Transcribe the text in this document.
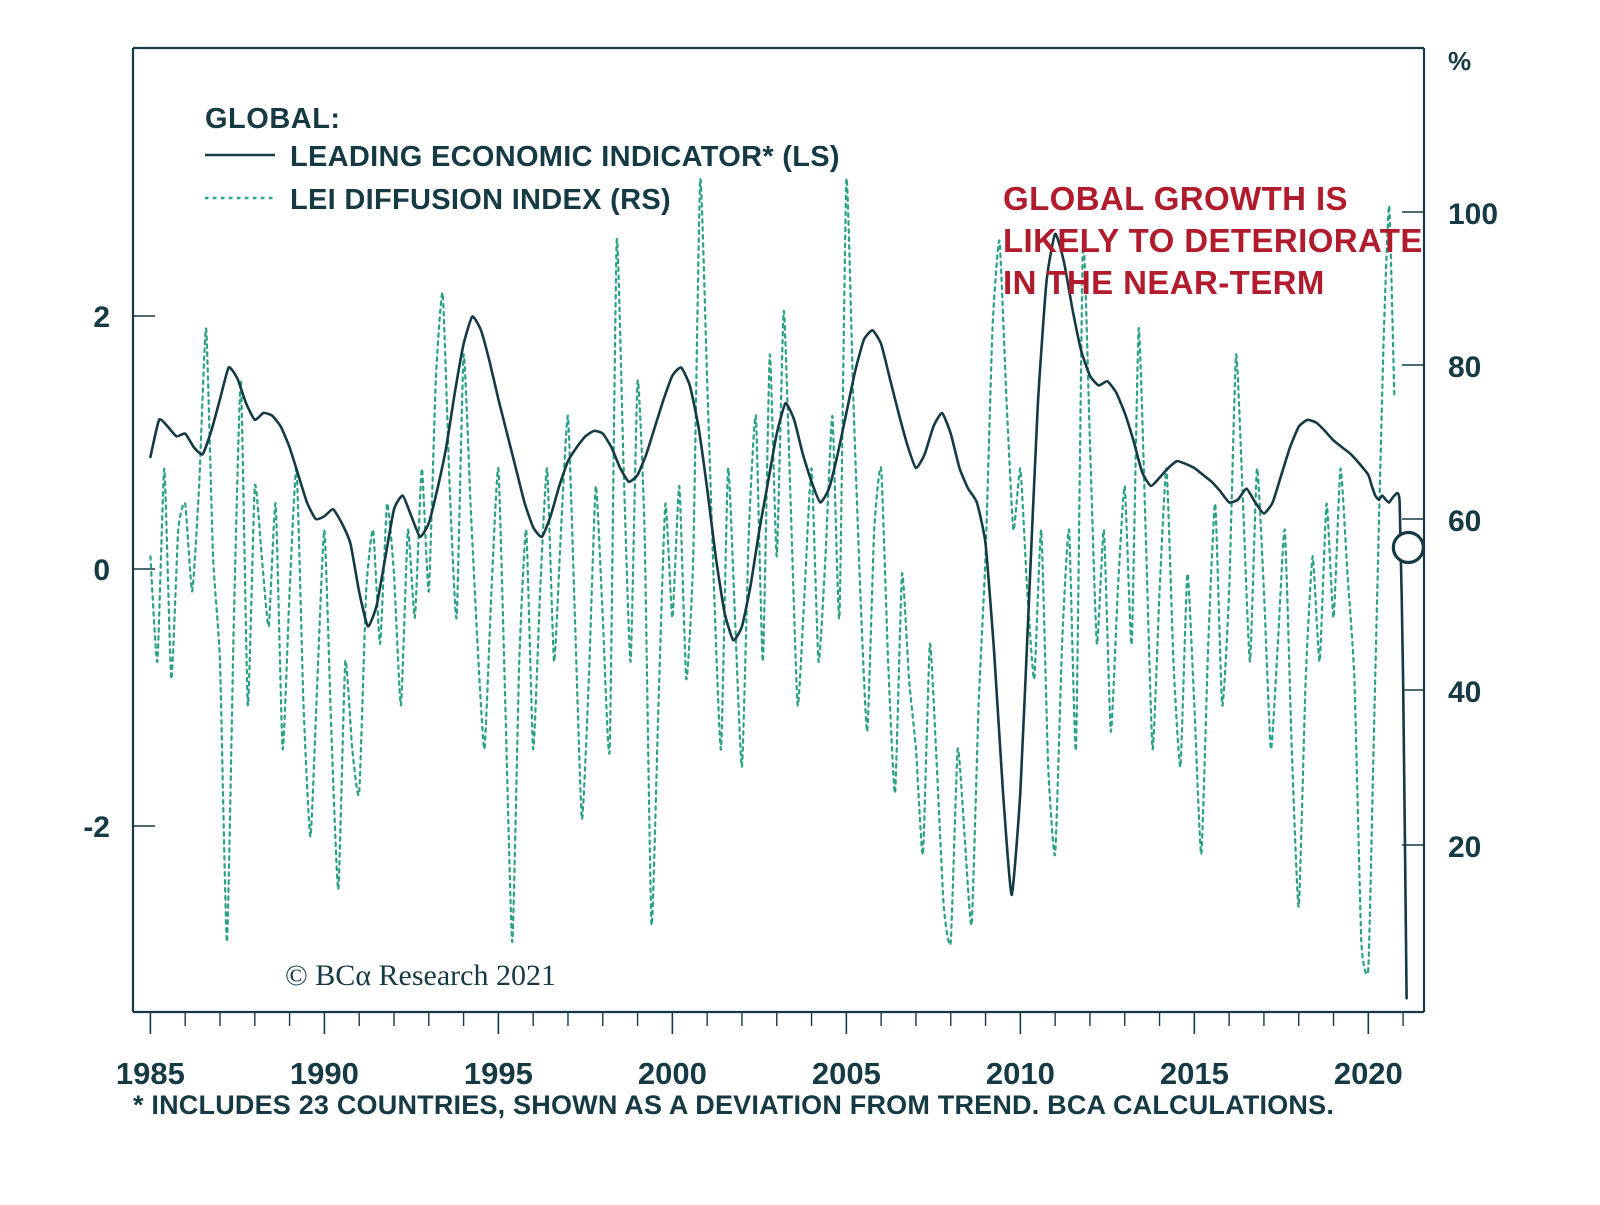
2
0
-2
100
80
60
40
20
%
1985	1990	1995	2000	2005	2010	2015	2020
GLOBAL:
LEADING ECONOMIC INDICATOR* (LS)
LEI DIFFUSION INDEX (RS)	GLOBAL GROWTH IS
LIKELY TO DETERIORATE
IN THE NEAR-TERM
© BCα Research 2021
* INCLUDES 23 COUNTRIES, SHOWN AS A DEVIATION FROM TREND. BCA CALCULATIONS.
